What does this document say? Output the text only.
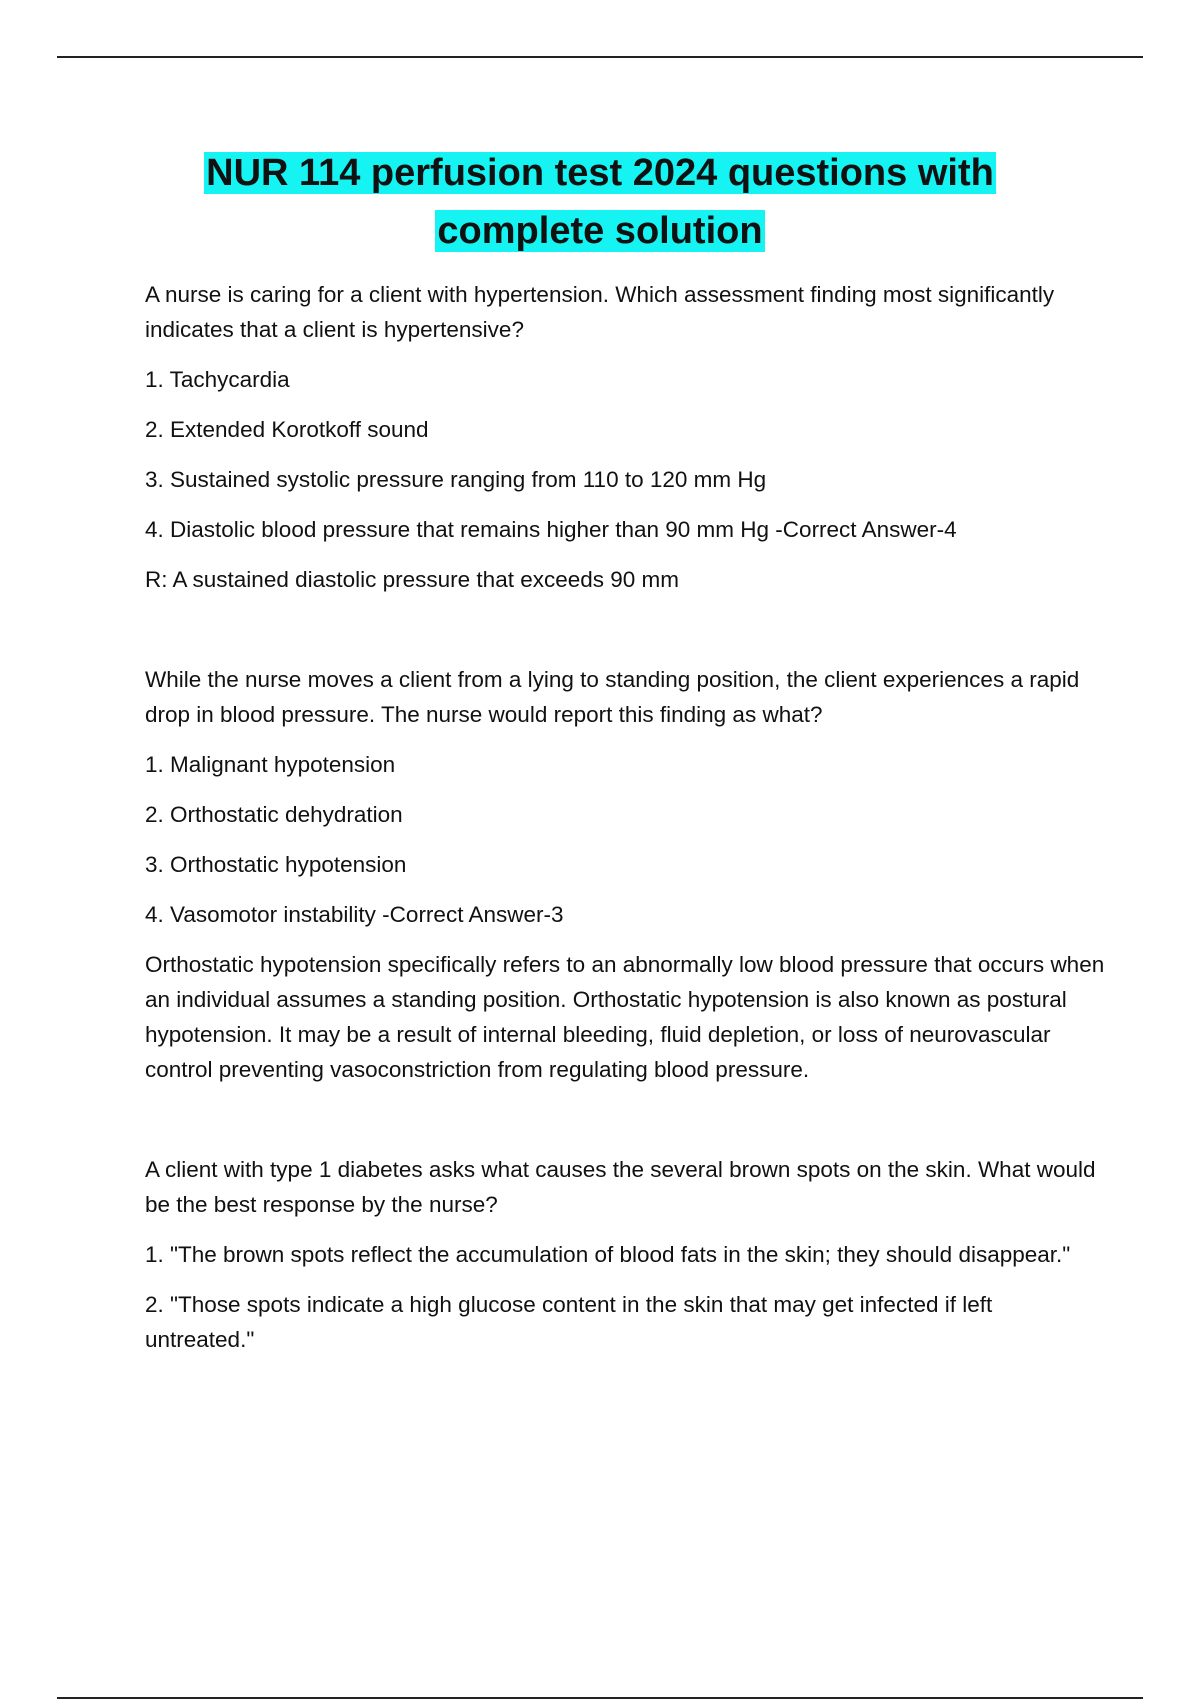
NUR 114 perfusion test 2024 questions with
complete solution

A nurse is caring for a client with hypertension. Which assessment finding most significantly indicates that a client is hypertensive?

1. Tachycardia

2. Extended Korotkoff sound

3. Sustained systolic pressure ranging from 110 to 120 mm Hg

4. Diastolic blood pressure that remains higher than 90 mm Hg -Correct Answer-4

R: A sustained diastolic pressure that exceeds 90 mm

While the nurse moves a client from a lying to standing position, the client experiences a rapid drop in blood pressure. The nurse would report this finding as what?

1. Malignant hypotension

2. Orthostatic dehydration

3. Orthostatic hypotension

4. Vasomotor instability -Correct Answer-3

Orthostatic hypotension specifically refers to an abnormally low blood pressure that occurs when an individual assumes a standing position. Orthostatic hypotension is also known as postural hypotension. It may be a result of internal bleeding, fluid depletion, or loss of neurovascular control preventing vasoconstriction from regulating blood pressure.

A client with type 1 diabetes asks what causes the several brown spots on the skin. What would be the best response by the nurse?

1. "The brown spots reflect the accumulation of blood fats in the skin; they should disappear."

2. "Those spots indicate a high glucose content in the skin that may get infected if left untreated."
